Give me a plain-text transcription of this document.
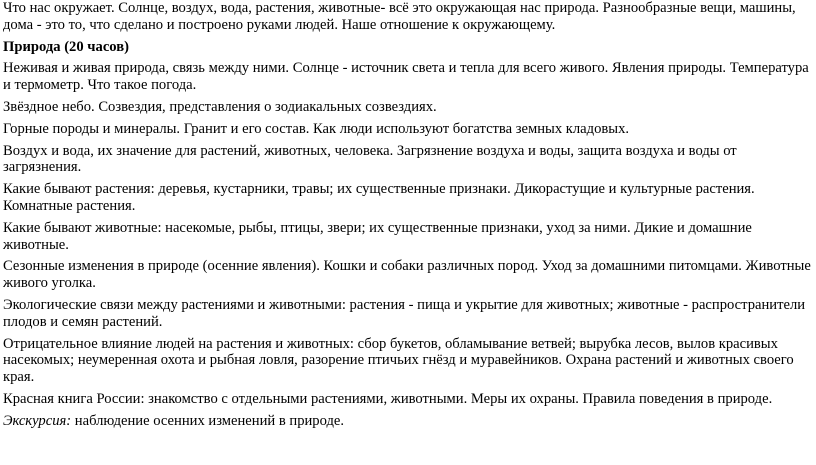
Что нас окружает. Солнце, воздух, вода, растения, животные- всё это окружающая нас природа. Разнообразные вещи, машины, дома - это то, что сделано и построено руками людей. Наше отношение к окружающему.

Природа (20 часов)

Неживая и живая природа, связь между ними. Солнце - источник света и тепла для всего живого. Явления природы. Температура и термометр. Что такое погода.

Звёздное небо. Созвездия, представления о зодиакальных созвездиях.

Горные породы и минералы. Гранит и его состав. Как люди используют богатства земных кладовых.

Воздух и вода, их значение для растений, животных, человека. Загрязнение воздуха и воды, защита воздуха и воды от загрязнения.

Какие бывают растения: деревья, кустарники, травы; их существенные признаки. Дикорастущие и культурные растения. Комнатные растения.

Какие бывают животные: насекомые, рыбы, птицы, звери; их существенные признаки, уход за ними. Дикие и домашние животные.

Сезонные изменения в природе (осенние явления). Кошки и собаки различных пород. Уход за домашними питомцами. Животные живого уголка.

Экологические связи между растениями и животными: растения - пища и укрытие для животных; животные - распространители плодов и семян растений.

Отрицательное влияние людей на растения и животных: сбор букетов, обламывание ветвей; вырубка лесов, вылов красивых насекомых; неумеренная охота и рыбная ловля, разорение птичьих гнёзд и муравейников. Охрана растений и животных своего края.

Красная книга России: знакомство с отдельными растениями, животными. Меры их охраны. Правила поведения в природе.

Экскурсия: наблюдение осенних изменений в природе.
